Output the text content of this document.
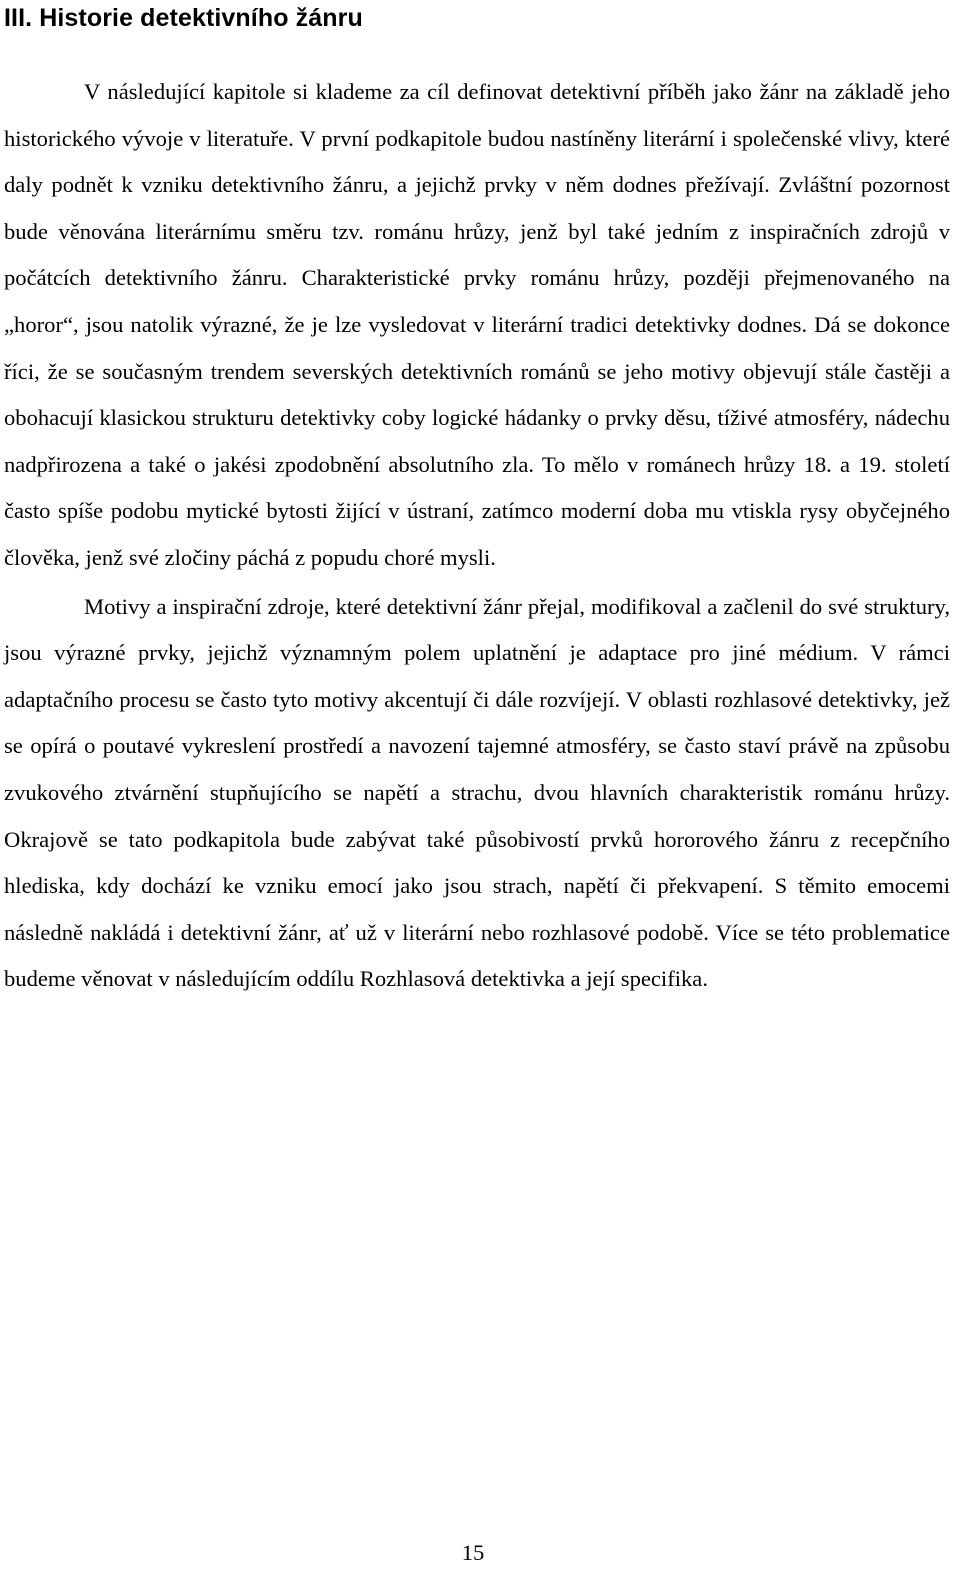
III. Historie detektivního žánru

V následující kapitole si klademe za cíl definovat detektivní příběh jako žánr na základě jeho historického vývoje v literatuře. V první podkapitole budou nastíněny literární i společenské vlivy, které daly podnět k vzniku detektivního žánru, a jejichž prvky v něm dodnes přežívají. Zvláštní pozornost bude věnována literárnímu směru tzv. románu hrůzy, jenž byl také jedním z inspiračních zdrojů v počátcích detektivního žánru. Charakteristické prvky románu hrůzy, později přejmenovaného na „horor“, jsou natolik výrazné, že je lze vysledovat v literární tradici detektivky dodnes. Dá se dokonce říci, že se současným trendem severských detektivních románů se jeho motivy objevují stále častěji a obohacují klasickou strukturu detektivky coby logické hádanky o prvky děsu, tíživé atmosféry, nádechu nadpřirozena a také o jakési zpodobnění absolutního zla. To mělo v románech hrůzy 18. a 19. století často spíše podobu mytické bytosti žijící v ústraní, zatímco moderní doba mu vtiskla rysy obyčejného člověka, jenž své zločiny páchá z popudu choré mysli.

Motivy a inspirační zdroje, které detektivní žánr přejal, modifikoval a začlenil do své struktury, jsou výrazné prvky, jejichž významným polem uplatnění je adaptace pro jiné médium. V rámci adaptačního procesu se často tyto motivy akcentují či dále rozvíjejí. V oblasti rozhlasové detektivky, jež se opírá o poutavé vykreslení prostředí a navození tajemné atmosféry, se často staví právě na způsobu zvukového ztvárnění stupňujícího se napětí a strachu, dvou hlavních charakteristik románu hrůzy. Okrajově se tato podkapitola bude zabývat také působivostí prvků hororového žánru z recepčního hlediska, kdy dochází ke vzniku emocí jako jsou strach, napětí či překvapení. S těmito emocemi následně nakládá i detektivní žánr, ať už v literární nebo rozhlasové podobě. Více se této problematice budeme věnovat v následujícím oddílu Rozhlasová detektivka a její specifika.

15
